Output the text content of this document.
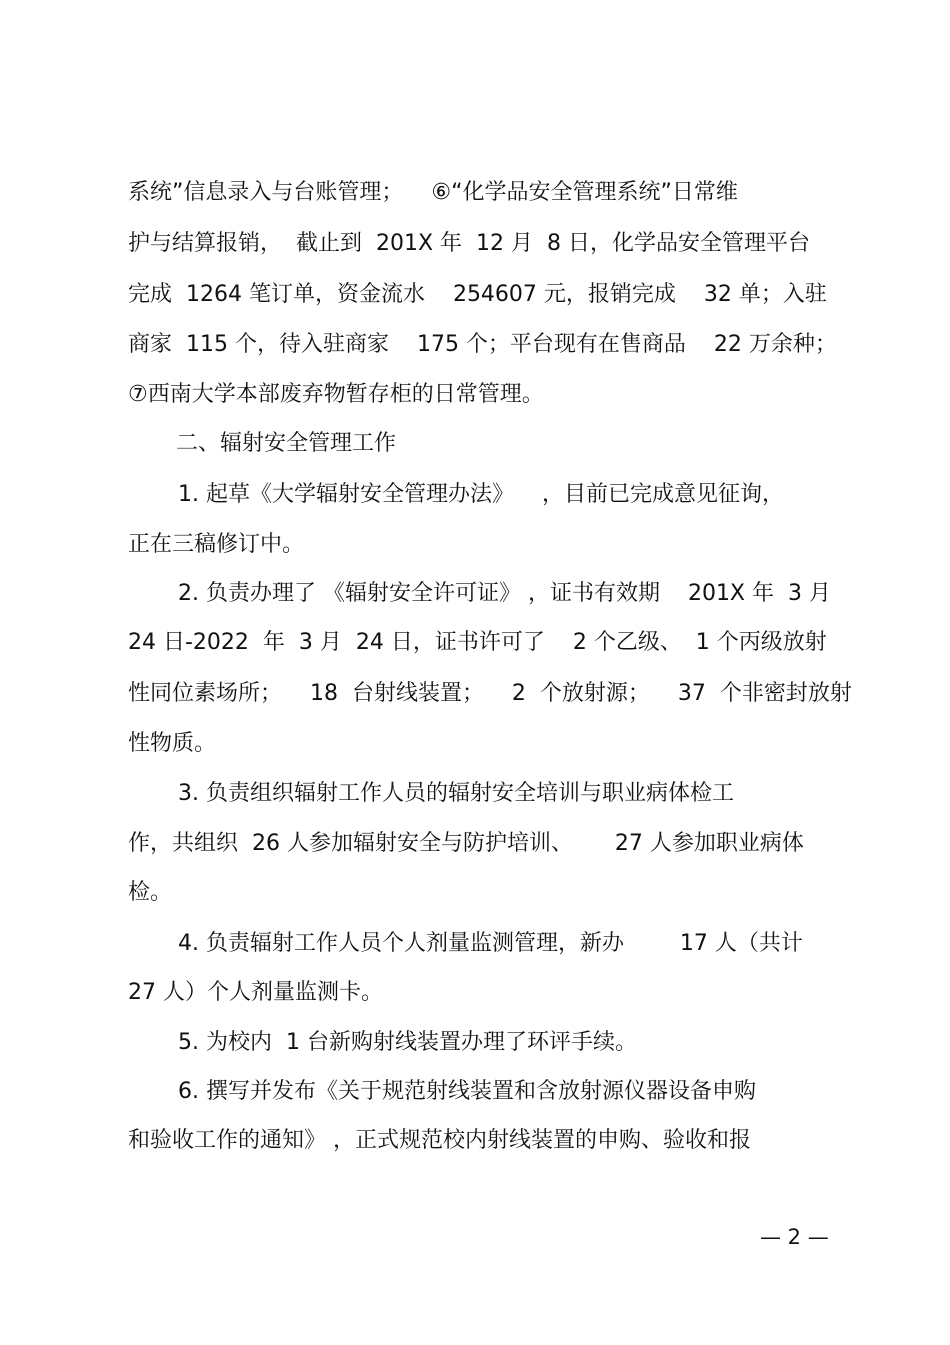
系统”信息录入与台账管理；    ⑥“化学品安全管理系统”日常维
护与结算报销，  截止到  201X 年  12 月  8 日，化学品安全管理平台
完成  1264 笔订单，资金流水    254607 元，报销完成    32 单；入驻
商家  115 个，待入驻商家    175 个；平台现有在售商品    22 万余种；
⑦西南大学本部废弃物暂存柜的日常管理。
二、辐射安全管理工作
1. 起草《大学辐射安全管理办法》    ，目前已完成意见征询，
正在三稿修订中。
2. 负责办理了 《辐射安全许可证》 ，证书有效期    201X 年  3 月
24 日-2022  年  3 月  24 日，证书许可了    2 个乙级、  1 个丙级放射
性同位素场所；    18  台射线装置；    2  个放射源；    37  个非密封放射
性物质。
3. 负责组织辐射工作人员的辐射安全培训与职业病体检工
作，共组织  26 人参加辐射安全与防护培训、      27 人参加职业病体
检。
4. 负责辐射工作人员个人剂量监测管理，新办        17 人（共计
27 人）个人剂量监测卡。
5. 为校内  1 台新购射线装置办理了环评手续。
6. 撰写并发布《关于规范射线装置和含放射源仪器设备申购
和验收工作的通知》 ，正式规范校内射线装置的申购、验收和报
— 2 —
